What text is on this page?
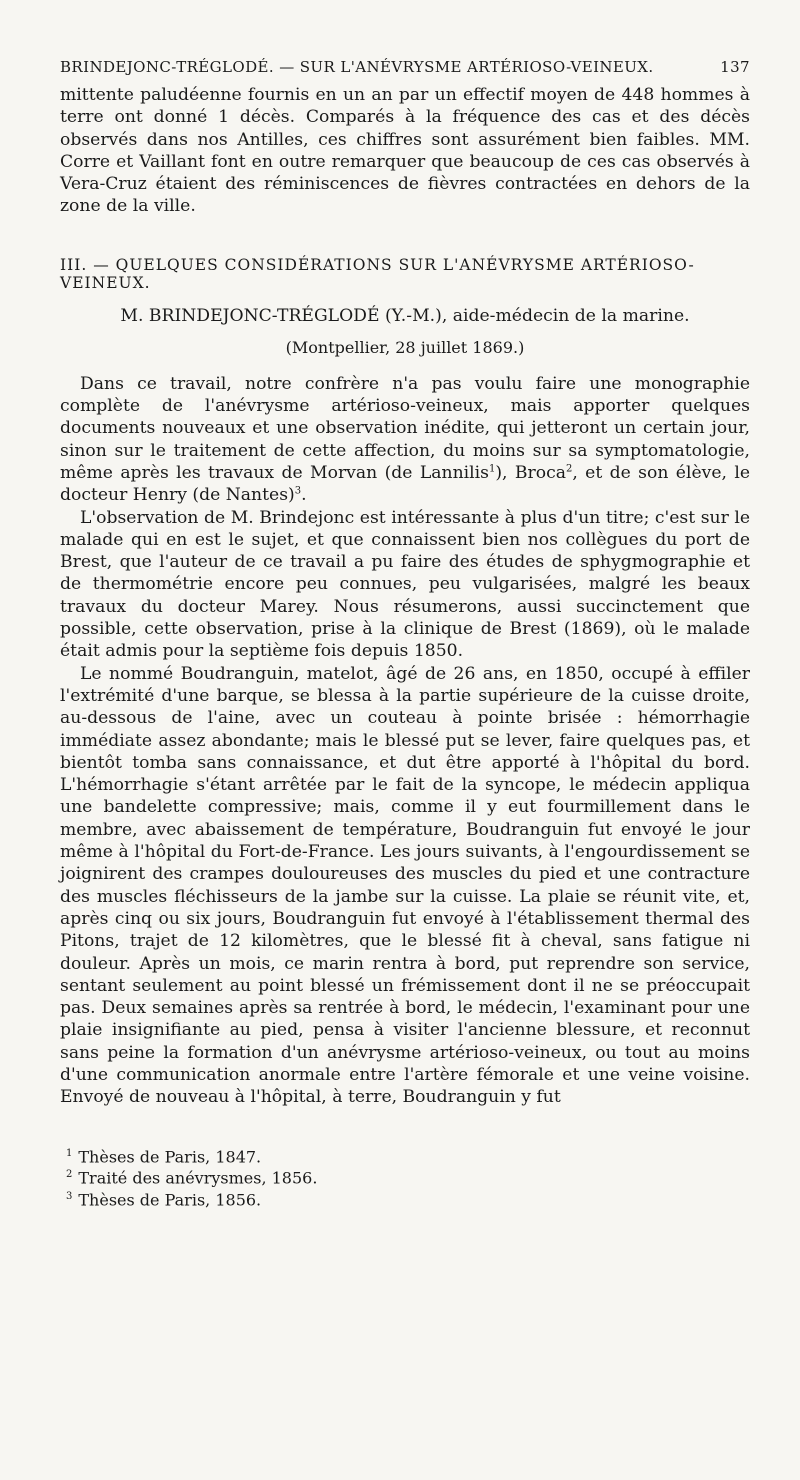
BRINDEJONC-TRÉGLODÉ. — SUR L'ANÉVRYSME ARTÉRIOSO-VEINEUX.	137

mittente paludéenne fournis en un an par un effectif moyen de 448 hommes à terre ont donné 1 décès. Comparés à la fréquence des cas et des décès observés dans nos Antilles, ces chiffres sont assurément bien faibles. MM. Corre et Vaillant font en outre remarquer que beaucoup de ces cas observés à Vera-Cruz étaient des réminiscences de fièvres contractées en dehors de la zone de la ville.

III. — QUELQUES CONSIDÉRATIONS SUR L'ANÉVRYSME ARTÉRIOSO-VEINEUX.
M. BRINDEJONC-TRÉGLODÉ (Y.-M.), aide-médecin de la marine.
(Montpellier, 28 juillet 1869.)

Dans ce travail, notre confrère n'a pas voulu faire une monographie complète de l'anévrysme artérioso-veineux, mais apporter quelques documents nouveaux et une observation inédite, qui jetteront un certain jour, sinon sur le traitement de cette affection, du moins sur sa symptomatologie, même après les travaux de Morvan (de Lannilis$^1$), Broca$^2$, et de son élève, le docteur Henry (de Nantes)$^3$.

L'observation de M. Brindejonc est intéressante à plus d'un titre; c'est sur le malade qui en est le sujet, et que connaissent bien nos collègues du port de Brest, que l'auteur de ce travail a pu faire des études de sphygmographie et de thermométrie encore peu connues, peu vulgarisées, malgré les beaux travaux du docteur Marey. Nous résumerons, aussi succinctement que possible, cette observation, prise à la clinique de Brest (1869), où le malade était admis pour la septième fois depuis 1850.

Le nommé Boudranguin, matelot, âgé de 26 ans, en 1850, occupé à effiler l'extrémité d'une barque, se blessa à la partie supérieure de la cuisse droite, au-dessous de l'aine, avec un couteau à pointe brisée : hémorrhagie immédiate assez abondante; mais le blessé put se lever, faire quelques pas, et bientôt tomba sans connaissance, et dut être apporté à l'hôpital du bord. L'hémorrhagie s'étant arrêtée par le fait de la syncope, le médecin appliqua une bandelette compressive; mais, comme il y eut fourmillement dans le membre, avec abaissement de température, Boudranguin fut envoyé le jour même à l'hôpital du Fort-de-France. Les jours suivants, à l'engourdissement se joignirent des crampes douloureuses des muscles du pied et une contracture des muscles fléchisseurs de la jambe sur la cuisse. La plaie se réunit vite, et, après cinq ou six jours, Boudranguin fut envoyé à l'établissement thermal des Pitons, trajet de 12 kilomètres, que le blessé fit à cheval, sans fatigue ni douleur. Après un mois, ce marin rentra à bord, put reprendre son service, sentant seulement au point blessé un frémissement dont il ne se préoccupait pas. Deux semaines après sa rentrée à bord, le médecin, l'examinant pour une plaie insignifiante au pied, pensa à visiter l'ancienne blessure, et reconnut sans peine la formation d'un anévrysme artérioso-veineux, ou tout au moins d'une communication anormale entre l'artère fémorale et une veine voisine. Envoyé de nouveau à l'hôpital, à terre, Boudranguin y fut

$^1$ Thèses de Paris, 1847.
$^2$ Traité des anévrysmes, 1856.
$^3$ Thèses de Paris, 1856.
